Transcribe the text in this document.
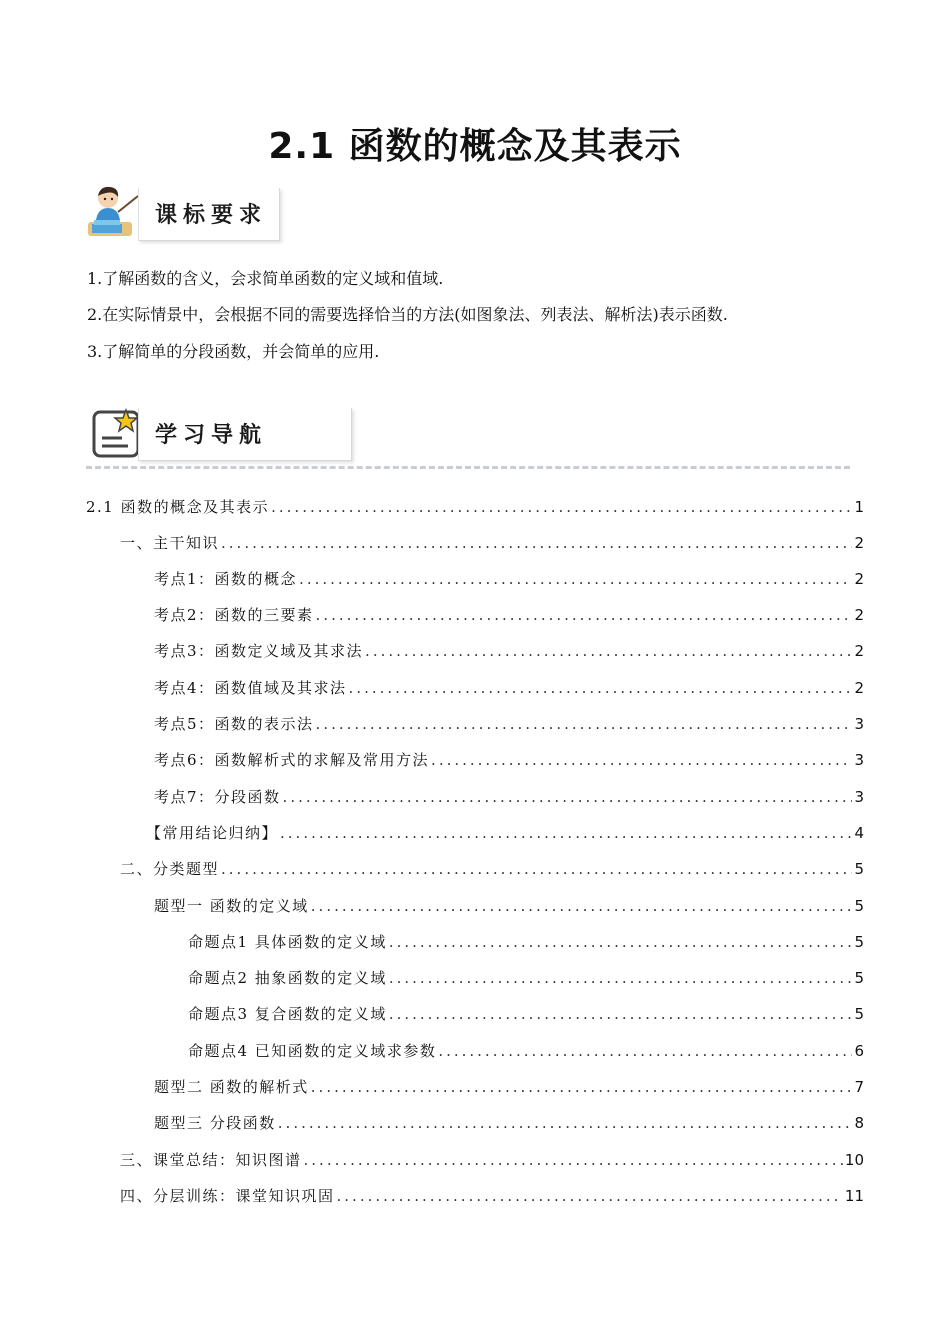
2.1 函数的概念及其表示
课标要求
1.了解函数的含义，会求简单函数的定义域和值域.
2.在实际情景中，会根据不同的需要选择恰当的方法(如图象法、列表法、解析法)表示函数.
3.了解简单的分段函数，并会简单的应用.
学习导航
2.1 函数的概念及其表示 .....	1
一、主干知识 .....	2
考点1：函数的概念 .....	2
考点2：函数的三要素 .....	2
考点3：函数定义域及其求法 .....	2
考点4：函数值域及其求法 .....	2
考点5：函数的表示法 .....	3
考点6：函数解析式的求解及常用方法 .....	3
考点7：分段函数 .....	3
【常用结论归纳】 .....	4
二、分类题型 .....	5
题型一 函数的定义域 .....	5
命题点1 具体函数的定义域 .....	5
命题点2 抽象函数的定义域 .....	5
命题点3 复合函数的定义域 .....	5
命题点4 已知函数的定义域求参数 .....	6
题型二 函数的解析式 .....	7
题型三 分段函数 .....	8
三、课堂总结：知识图谱 .....	10
四、分层训练：课堂知识巩固 .....	11
